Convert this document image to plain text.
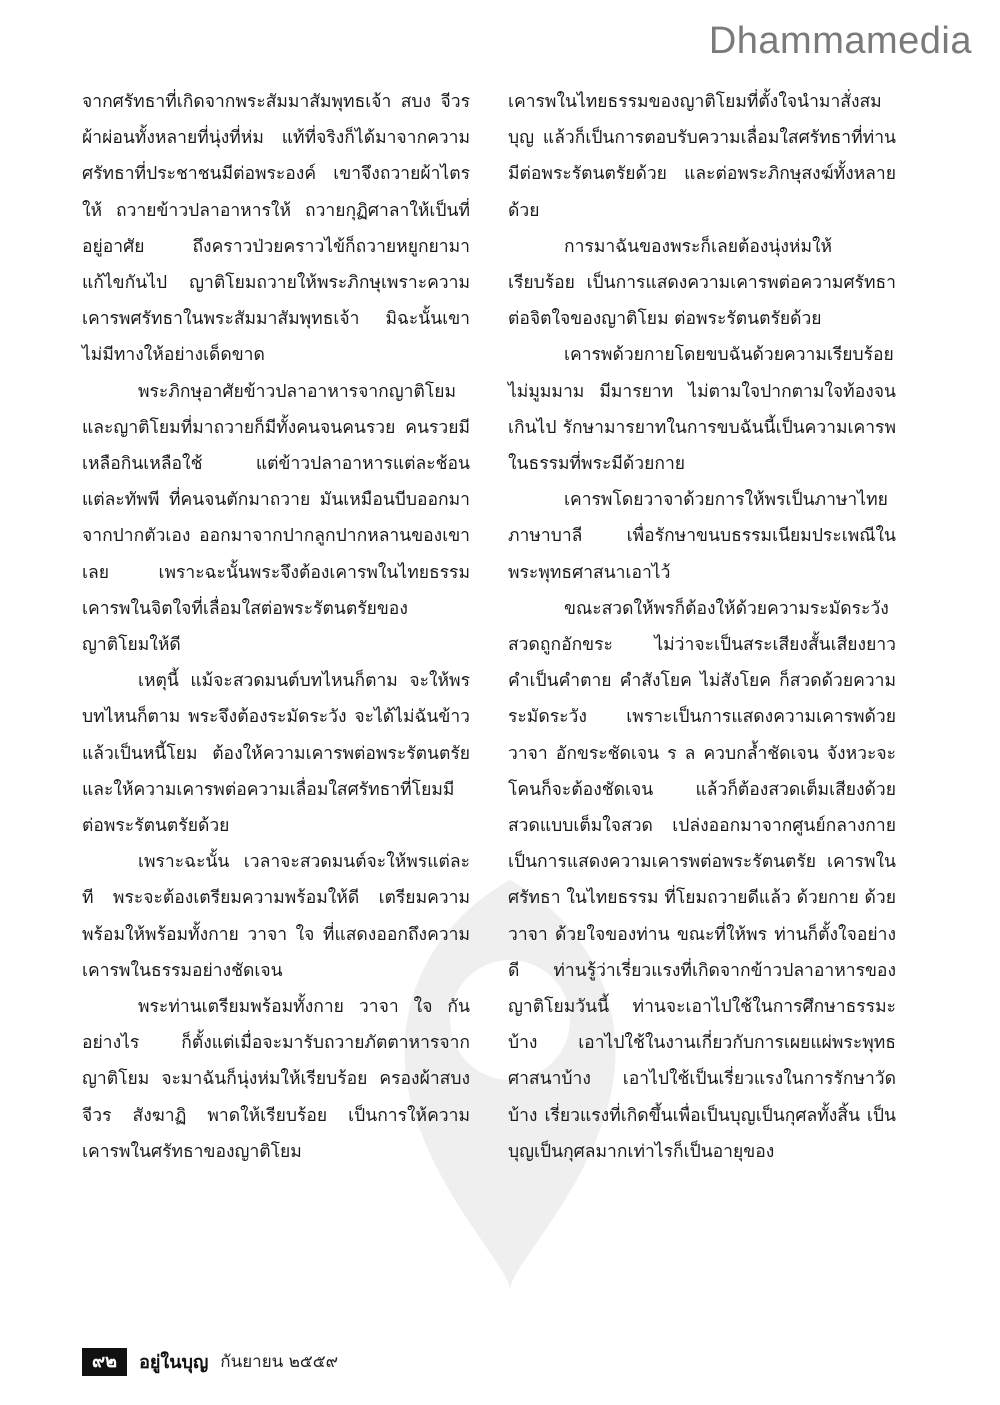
Dhammamedia

จากศรัทธาที่เกิดจากพระสัมมาสัมพุทธเจ้า สบง จีวร ผ้าผ่อนทั้งหลายที่นุ่งที่ห่ม แท้ที่จริงก็ได้มาจากความศรัทธาที่ประชาชนมีต่อพระองค์ เขาจึงถวายผ้าไตรให้ ถวายข้าวปลาอาหารให้ ถวายกุฏิศาลาให้เป็นที่อยู่อาศัย ถึงคราวป่วยคราวไข้ก็ถวายหยูกยามาแก้ไขกันไป ญาติโยมถวายให้พระภิกษุเพราะความเคารพศรัทธาในพระสัมมาสัมพุทธเจ้า มิฉะนั้นเขาไม่มีทางให้อย่างเด็ดขาด

พระภิกษุอาศัยข้าวปลาอาหารจากญาติโยม และญาติโยมที่มาถวายก็มีทั้งคนจนคนรวย คนรวยมีเหลือกินเหลือใช้ แต่ข้าวปลาอาหารแต่ละช้อน แต่ละทัพพี ที่คนจนตักมาถวาย มันเหมือนบีบออกมาจากปากตัวเอง ออกมาจากปากลูกปากหลานของเขาเลย เพราะฉะนั้นพระจึงต้องเคารพในไทยธรรม เคารพในจิตใจที่เลื่อมใสต่อพระรัตนตรัยของญาติโยมให้ดี

เหตุนี้ แม้จะสวดมนต์บทไหนก็ตาม จะให้พรบทไหนก็ตาม พระจึงต้องระมัดระวัง จะได้ไม่ฉันข้าวแล้วเป็นหนี้โยม ต้องให้ความเคารพต่อพระรัตนตรัย และให้ความเคารพต่อความเลื่อมใสศรัทธาที่โยมมีต่อพระรัตนตรัยด้วย

เพราะฉะนั้น เวลาจะสวดมนต์จะให้พรแต่ละที พระจะต้องเตรียมความพร้อมให้ดี เตรียมความพร้อมให้พร้อมทั้งกาย วาจา ใจ ที่แสดงออกถึงความเคารพในธรรมอย่างชัดเจน

พระท่านเตรียมพร้อมทั้งกาย วาจา ใจ กันอย่างไร ก็ตั้งแต่เมื่อจะมารับถวายภัตตาหารจากญาติโยม จะมาฉันก็นุ่งห่มให้เรียบร้อย ครองผ้าสบง จีวร สังฆาฏิ พาดให้เรียบร้อย เป็นการให้ความเคารพในศรัทธาของญาติโยม

เคารพในไทยธรรมของญาติโยมที่ตั้งใจนำมาสั่งสมบุญ แล้วก็เป็นการตอบรับความเลื่อมใสศรัทธาที่ท่านมีต่อพระรัตนตรัยด้วย และต่อพระภิกษุสงฆ์ทั้งหลายด้วย

การมาฉันของพระก็เลยต้องนุ่งห่มให้เรียบร้อย เป็นการแสดงความเคารพต่อความศรัทธา ต่อจิตใจของญาติโยม ต่อพระรัตนตรัยด้วย

เคารพด้วยกายโดยขบฉันด้วยความเรียบร้อย ไม่มูมมาม มีมารยาท ไม่ตามใจปากตามใจท้องจนเกินไป รักษามารยาทในการขบฉันนี้เป็นความเคารพในธรรมที่พระมีด้วยกาย

เคารพโดยวาจาด้วยการให้พรเป็นภาษาไทย ภาษาบาลี เพื่อรักษาขนบธรรมเนียมประเพณีในพระพุทธศาสนาเอาไว้

ขณะสวดให้พรก็ต้องให้ด้วยความระมัดระวัง สวดถูกอักขระ ไม่ว่าจะเป็นสระเสียงสั้นเสียงยาว คำเป็นคำตาย คำสังโยค ไม่สังโยค ก็สวดด้วยความระมัดระวัง เพราะเป็นการแสดงความเคารพด้วยวาจา อักขระชัดเจน ร ล ควบกล้ำชัดเจน จังหวะจะโคนก็จะต้องชัดเจน แล้วก็ต้องสวดเต็มเสียงด้วย สวดแบบเต็มใจสวด เปล่งออกมาจากศูนย์กลางกาย เป็นการแสดงความเคารพต่อพระรัตนตรัย เคารพในศรัทธา ในไทยธรรม ที่โยมถวายดีแล้ว ด้วยกาย ด้วยวาจา ด้วยใจของท่าน ขณะที่ให้พร ท่านก็ตั้งใจอย่างดี ท่านรู้ว่าเรี่ยวแรงที่เกิดจากข้าวปลาอาหารของญาติโยมวันนี้ ท่านจะเอาไปใช้ในการศึกษาธรรมะบ้าง เอาไปใช้ในงานเกี่ยวกับการเผยแผ่พระพุทธศาสนาบ้าง เอาไปใช้เป็นเรี่ยวแรงในการรักษาวัดบ้าง เรี่ยวแรงที่เกิดขึ้นเพื่อเป็นบุญเป็นกุศลทั้งสิ้น เป็นบุญเป็นกุศลมากเท่าไรก็เป็นอายุของ

๙๒	อยู่ในบุญ กันยายน ๒๕๕๙
